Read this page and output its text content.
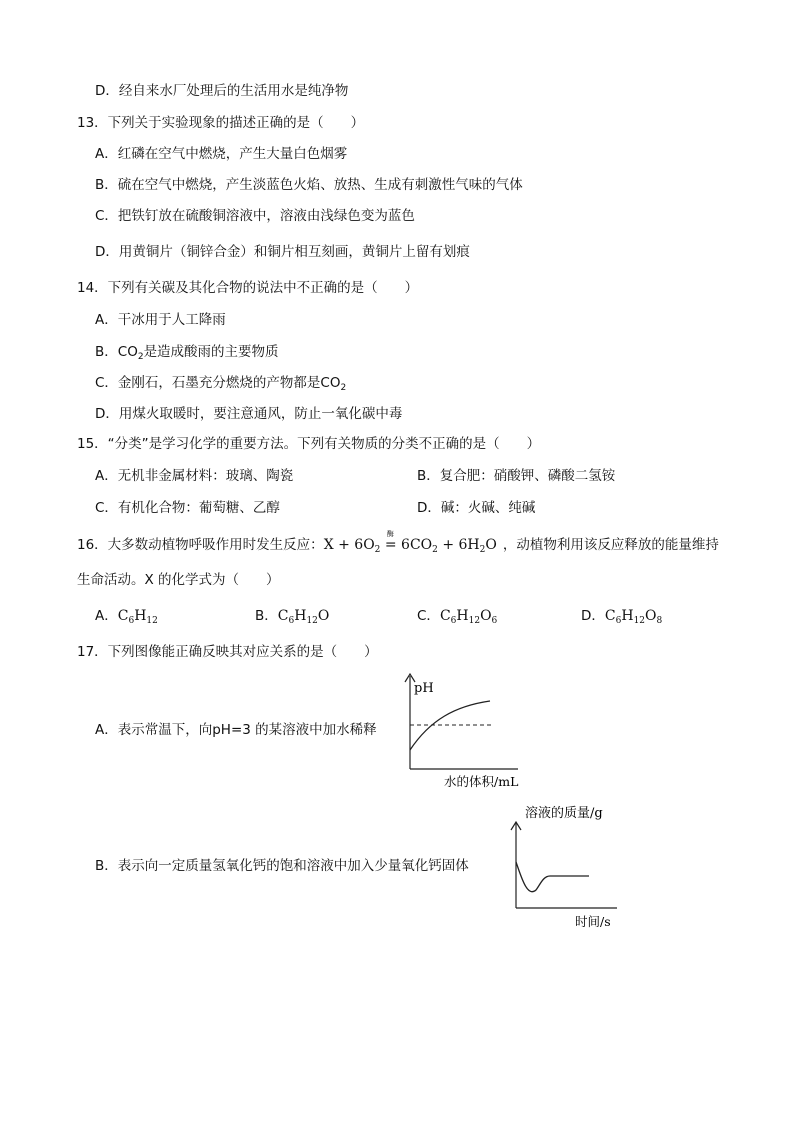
D．经自来水厂处理后的生活用水是纯净物
13．下列关于实验现象的描述正确的是（　　）
A．红磷在空气中燃烧，产生大量白色烟雾
B．硫在空气中燃烧，产生淡蓝色火焰、放热、生成有刺激性气味的气体
C．把铁钉放在硫酸铜溶液中，溶液由浅绿色变为蓝色
D．用黄铜片（铜锌合金）和铜片相互刻画，黄铜片上留有划痕
14．下列有关碳及其化合物的说法中不正确的是（　　）
A．干冰用于人工降雨
B．$CO_2$是造成酸雨的主要物质
C．金刚石，石墨充分燃烧的产物都是$CO_2$
D．用煤火取暖时，要注意通风，防止一氧化碳中毒
15．“分类”是学习化学的重要方法。下列有关物质的分类不正确的是（　　）
A．无机非金属材料：玻璃、陶瓷	B．复合肥：硝酸钾、磷酸二氢铵
C．有机化合物：葡萄糖、乙醇	D．碱：火碱、纯碱
16．大多数动植物呼吸作用时发生反应：$X + 6O_2$
酶
= $6CO_2 + 6H_2O$ ，动植物利用该反应释放的能量维持
生命活动。X 的化学式为（　　）
A．$C_6H_{12}$	B．$C_6H_{12}O$	C．$C_6H_{12}O_6$	D．$C_6H_{12}O_8$
17．下列图像能正确反映其对应关系的是（　　）
A．表示常温下，向pH=3 的某溶液中加水稀释
B．表示向一定质量氢氧化钙的饱和溶液中加入少量氧化钙固体
pH
水的体积/mL
溶液的质量/g
时间/s
